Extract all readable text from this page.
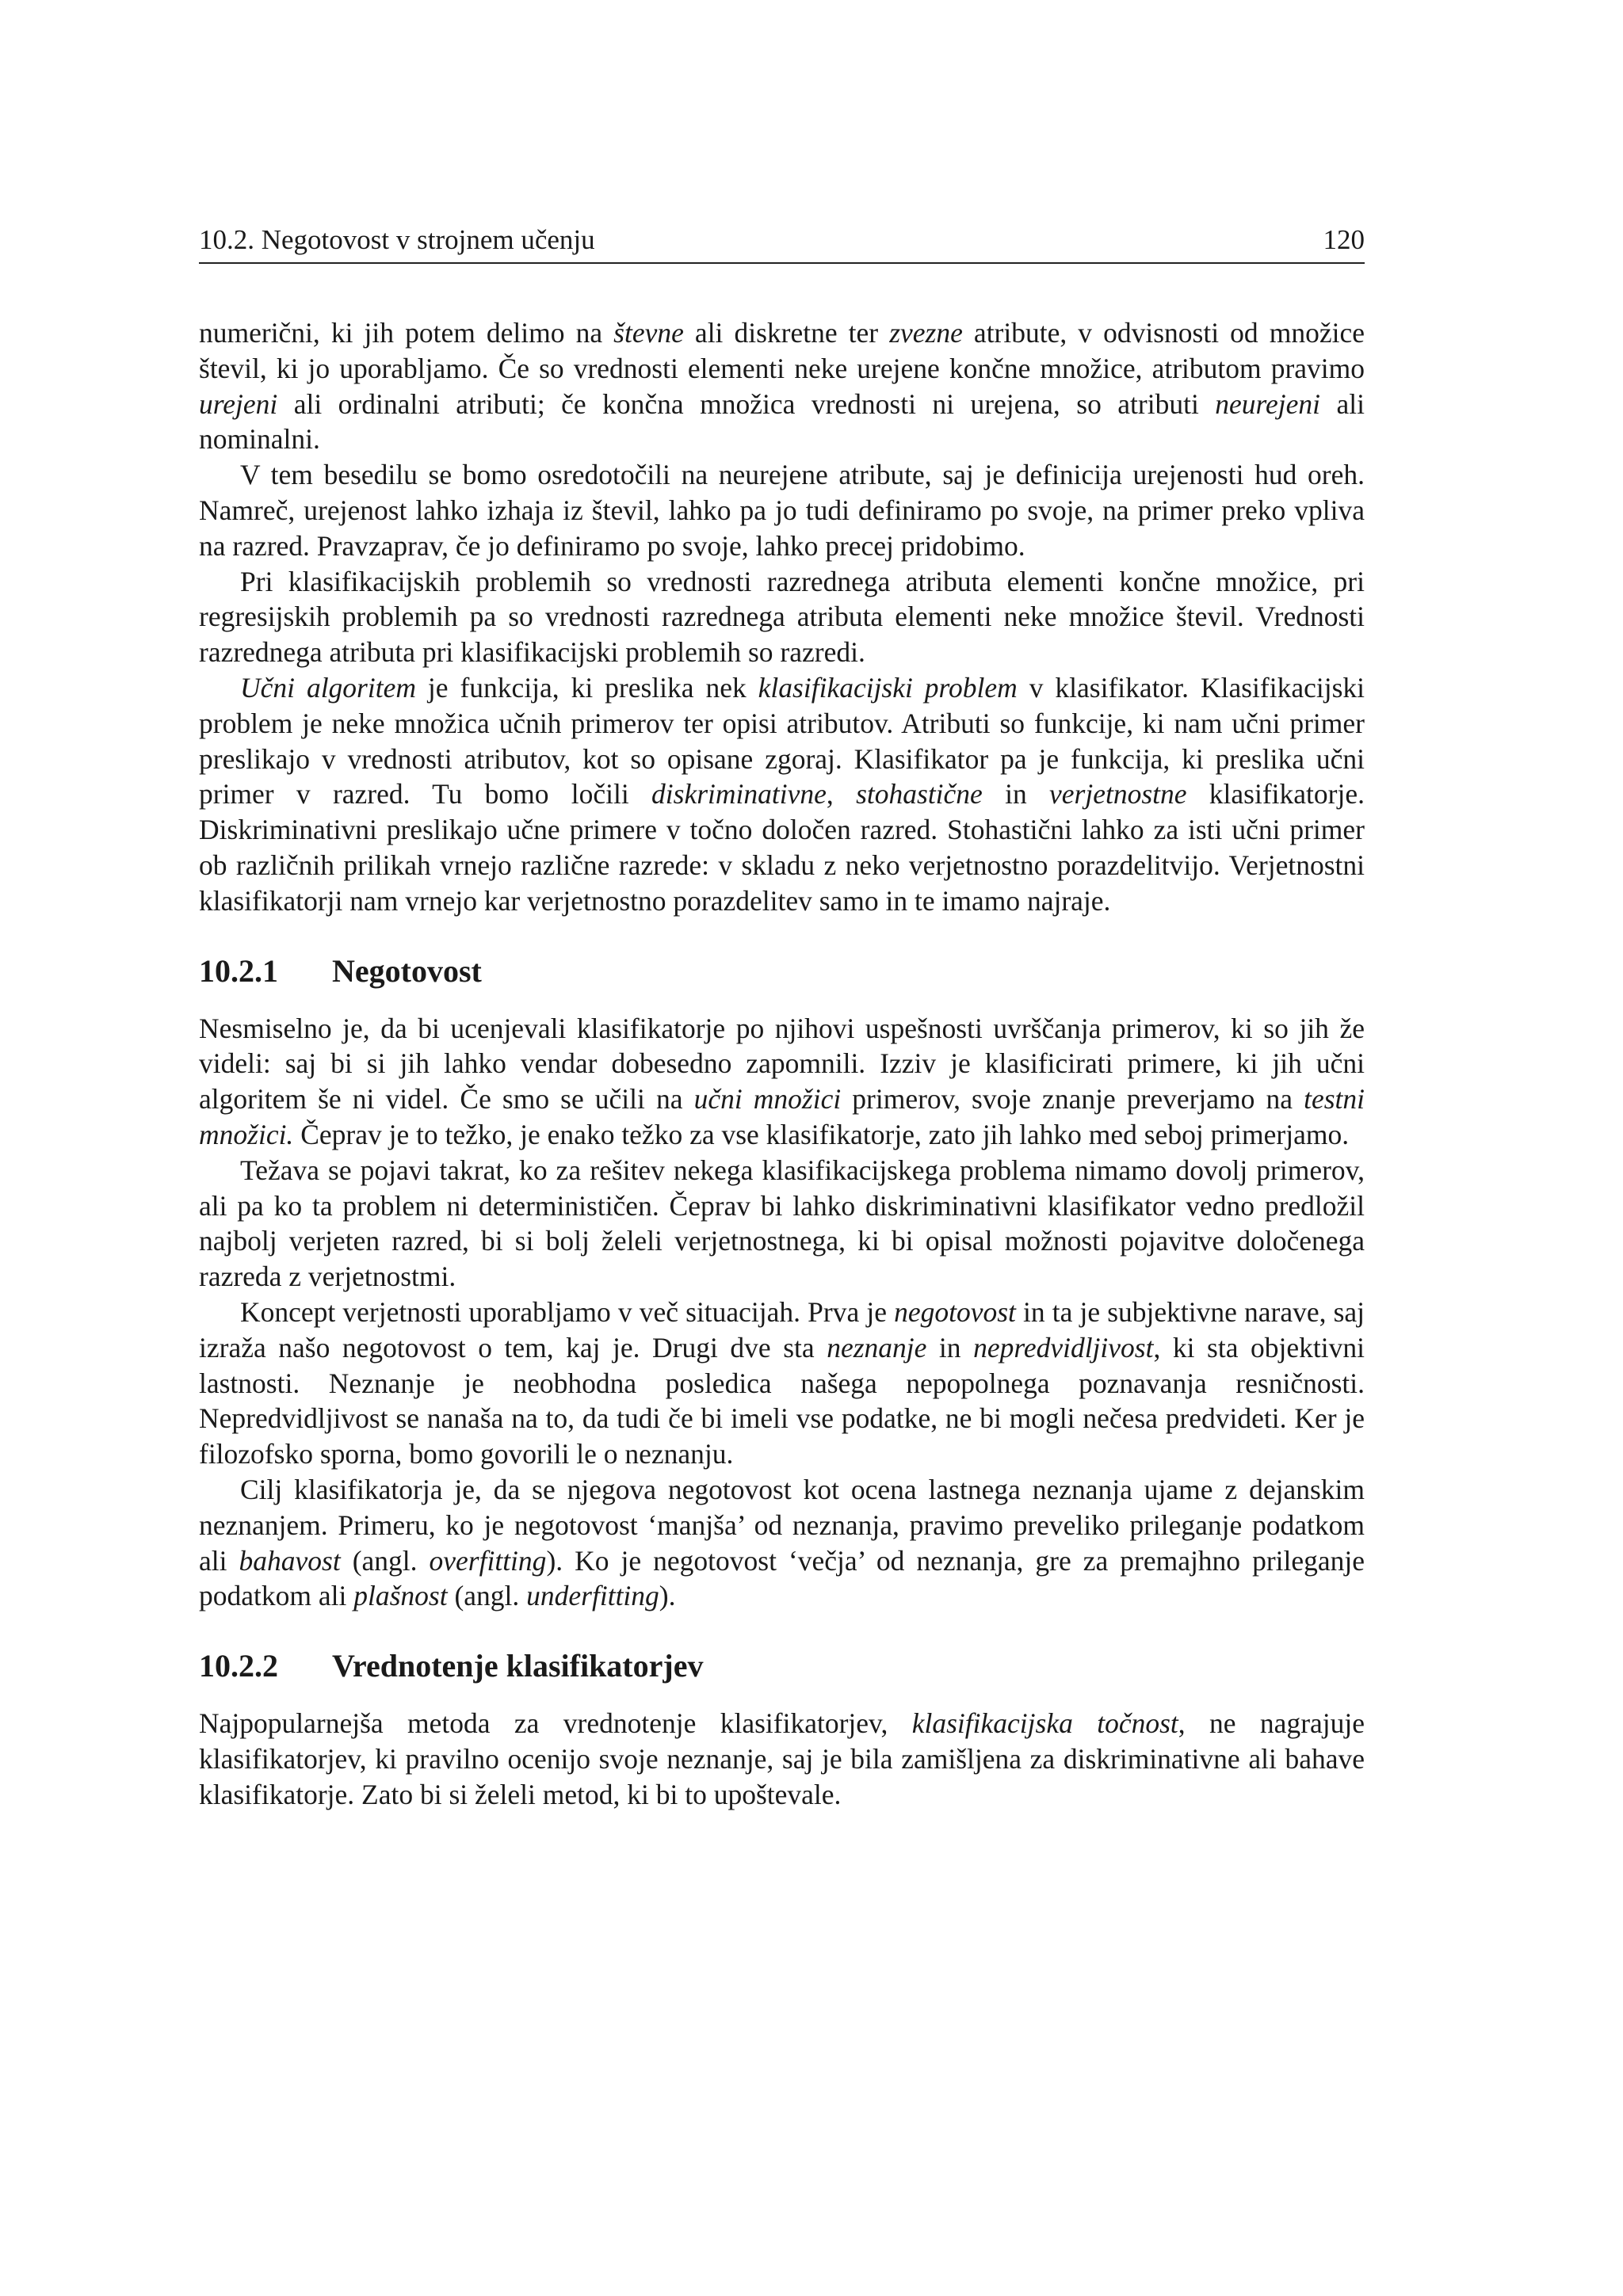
10.2. Negotovost v strojnem učenju	120

numerični, ki jih potem delimo na števne ali diskretne ter zvezne atribute, v odvisnosti od množice števil, ki jo uporabljamo. Če so vrednosti elementi neke urejene končne množice, atributom pravimo urejeni ali ordinalni atributi; če končna množica vrednosti ni urejena, so atributi neurejeni ali nominalni.

V tem besedilu se bomo osredotočili na neurejene atribute, saj je definicija urejenosti hud oreh. Namreč, urejenost lahko izhaja iz števil, lahko pa jo tudi definiramo po svoje, na primer preko vpliva na razred. Pravzaprav, če jo definiramo po svoje, lahko precej pridobimo.

Pri klasifikacijskih problemih so vrednosti razrednega atributa elementi končne množice, pri regresijskih problemih pa so vrednosti razrednega atributa elementi neke množice števil. Vrednosti razrednega atributa pri klasifikacijski problemih so razredi.

Učni algoritem je funkcija, ki preslika nek klasifikacijski problem v klasifikator. Klasifikacijski problem je neke množica učnih primerov ter opisi atributov. Atributi so funkcije, ki nam učni primer preslikajo v vrednosti atributov, kot so opisane zgoraj. Klasifikator pa je funkcija, ki preslika učni primer v razred. Tu bomo ločili diskriminativne, stohastične in verjetnostne klasifikatorje. Diskriminativni preslikajo učne primere v točno določen razred. Stohastični lahko za isti učni primer ob različnih prilikah vrnejo različne razrede: v skladu z neko verjetnostno porazdelitvijo. Verjetnostni klasifikatorji nam vrnejo kar verjetnostno porazdelitev samo in te imamo najraje.

10.2.1 Negotovost

Nesmiselno je, da bi ucenjevali klasifikatorje po njihovi uspešnosti uvrščanja primerov, ki so jih že videli: saj bi si jih lahko vendar dobesedno zapomnili. Izziv je klasificirati primere, ki jih učni algoritem še ni videl. Če smo se učili na učni množici primerov, svoje znanje preverjamo na testni množici. Čeprav je to težko, je enako težko za vse klasifikatorje, zato jih lahko med seboj primerjamo.

Težava se pojavi takrat, ko za rešitev nekega klasifikacijskega problema nimamo dovolj primerov, ali pa ko ta problem ni determinističen. Čeprav bi lahko diskriminativni klasifikator vedno predložil najbolj verjeten razred, bi si bolj želeli verjetnostnega, ki bi opisal možnosti pojavitve določenega razreda z verjetnostmi.

Koncept verjetnosti uporabljamo v več situacijah. Prva je negotovost in ta je subjektivne narave, saj izraža našo negotovost o tem, kaj je. Drugi dve sta neznanje in nepredvidljivost, ki sta objektivni lastnosti. Neznanje je neobhodna posledica našega nepopolnega poznavanja resničnosti. Nepredvidljivost se nanaša na to, da tudi če bi imeli vse podatke, ne bi mogli nečesa predvideti. Ker je filozofsko sporna, bomo govorili le o neznanju.

Cilj klasifikatorja je, da se njegova negotovost kot ocena lastnega neznanja ujame z dejanskim neznanjem. Primeru, ko je negotovost ‘manjša’ od neznanja, pravimo preveliko prileganje podatkom ali bahavost (angl. overfitting). Ko je negotovost ‘večja’ od neznanja, gre za premajhno prileganje podatkom ali plašnost (angl. underfitting).

10.2.2 Vrednotenje klasifikatorjev

Najpopularnejša metoda za vrednotenje klasifikatorjev, klasifikacijska točnost, ne nagrajuje klasifikatorjev, ki pravilno ocenijo svoje neznanje, saj je bila zamišljena za diskriminativne ali bahave klasifikatorje. Zato bi si želeli metod, ki bi to upoštevale.
